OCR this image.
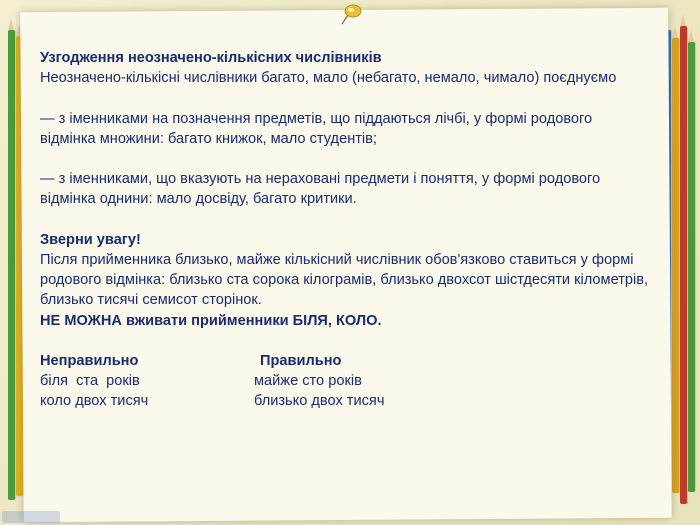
Узгодження неозначено-кількісних числівників

Неозначено-кількісні числівники багато, мало (небагато, немало, чимало) поєднуємо

— з іменниками на позначення предметів, що піддаються лічбі, у формі родового відмінка множини: багато книжок, мало студентів;

— з іменниками, що вказують на нераховані предмети і поняття, у формі родового відмінка однини: мало досвіду, багато критики.

Зверни увагу!

Після прийменника близько, майже кількісний числівник обов'язково ставиться у формі родового відмінка: близько ста сорока кілограмів, близько двохсот шістдесяти кілометрів, близько тисячі семисот сторінок.

НЕ МОЖНА вживати прийменники БІЛЯ, КОЛО.

Неправильно

біля  ста  років

коло двох тисяч

Правильно

майже сто років

близько двох тисяч
